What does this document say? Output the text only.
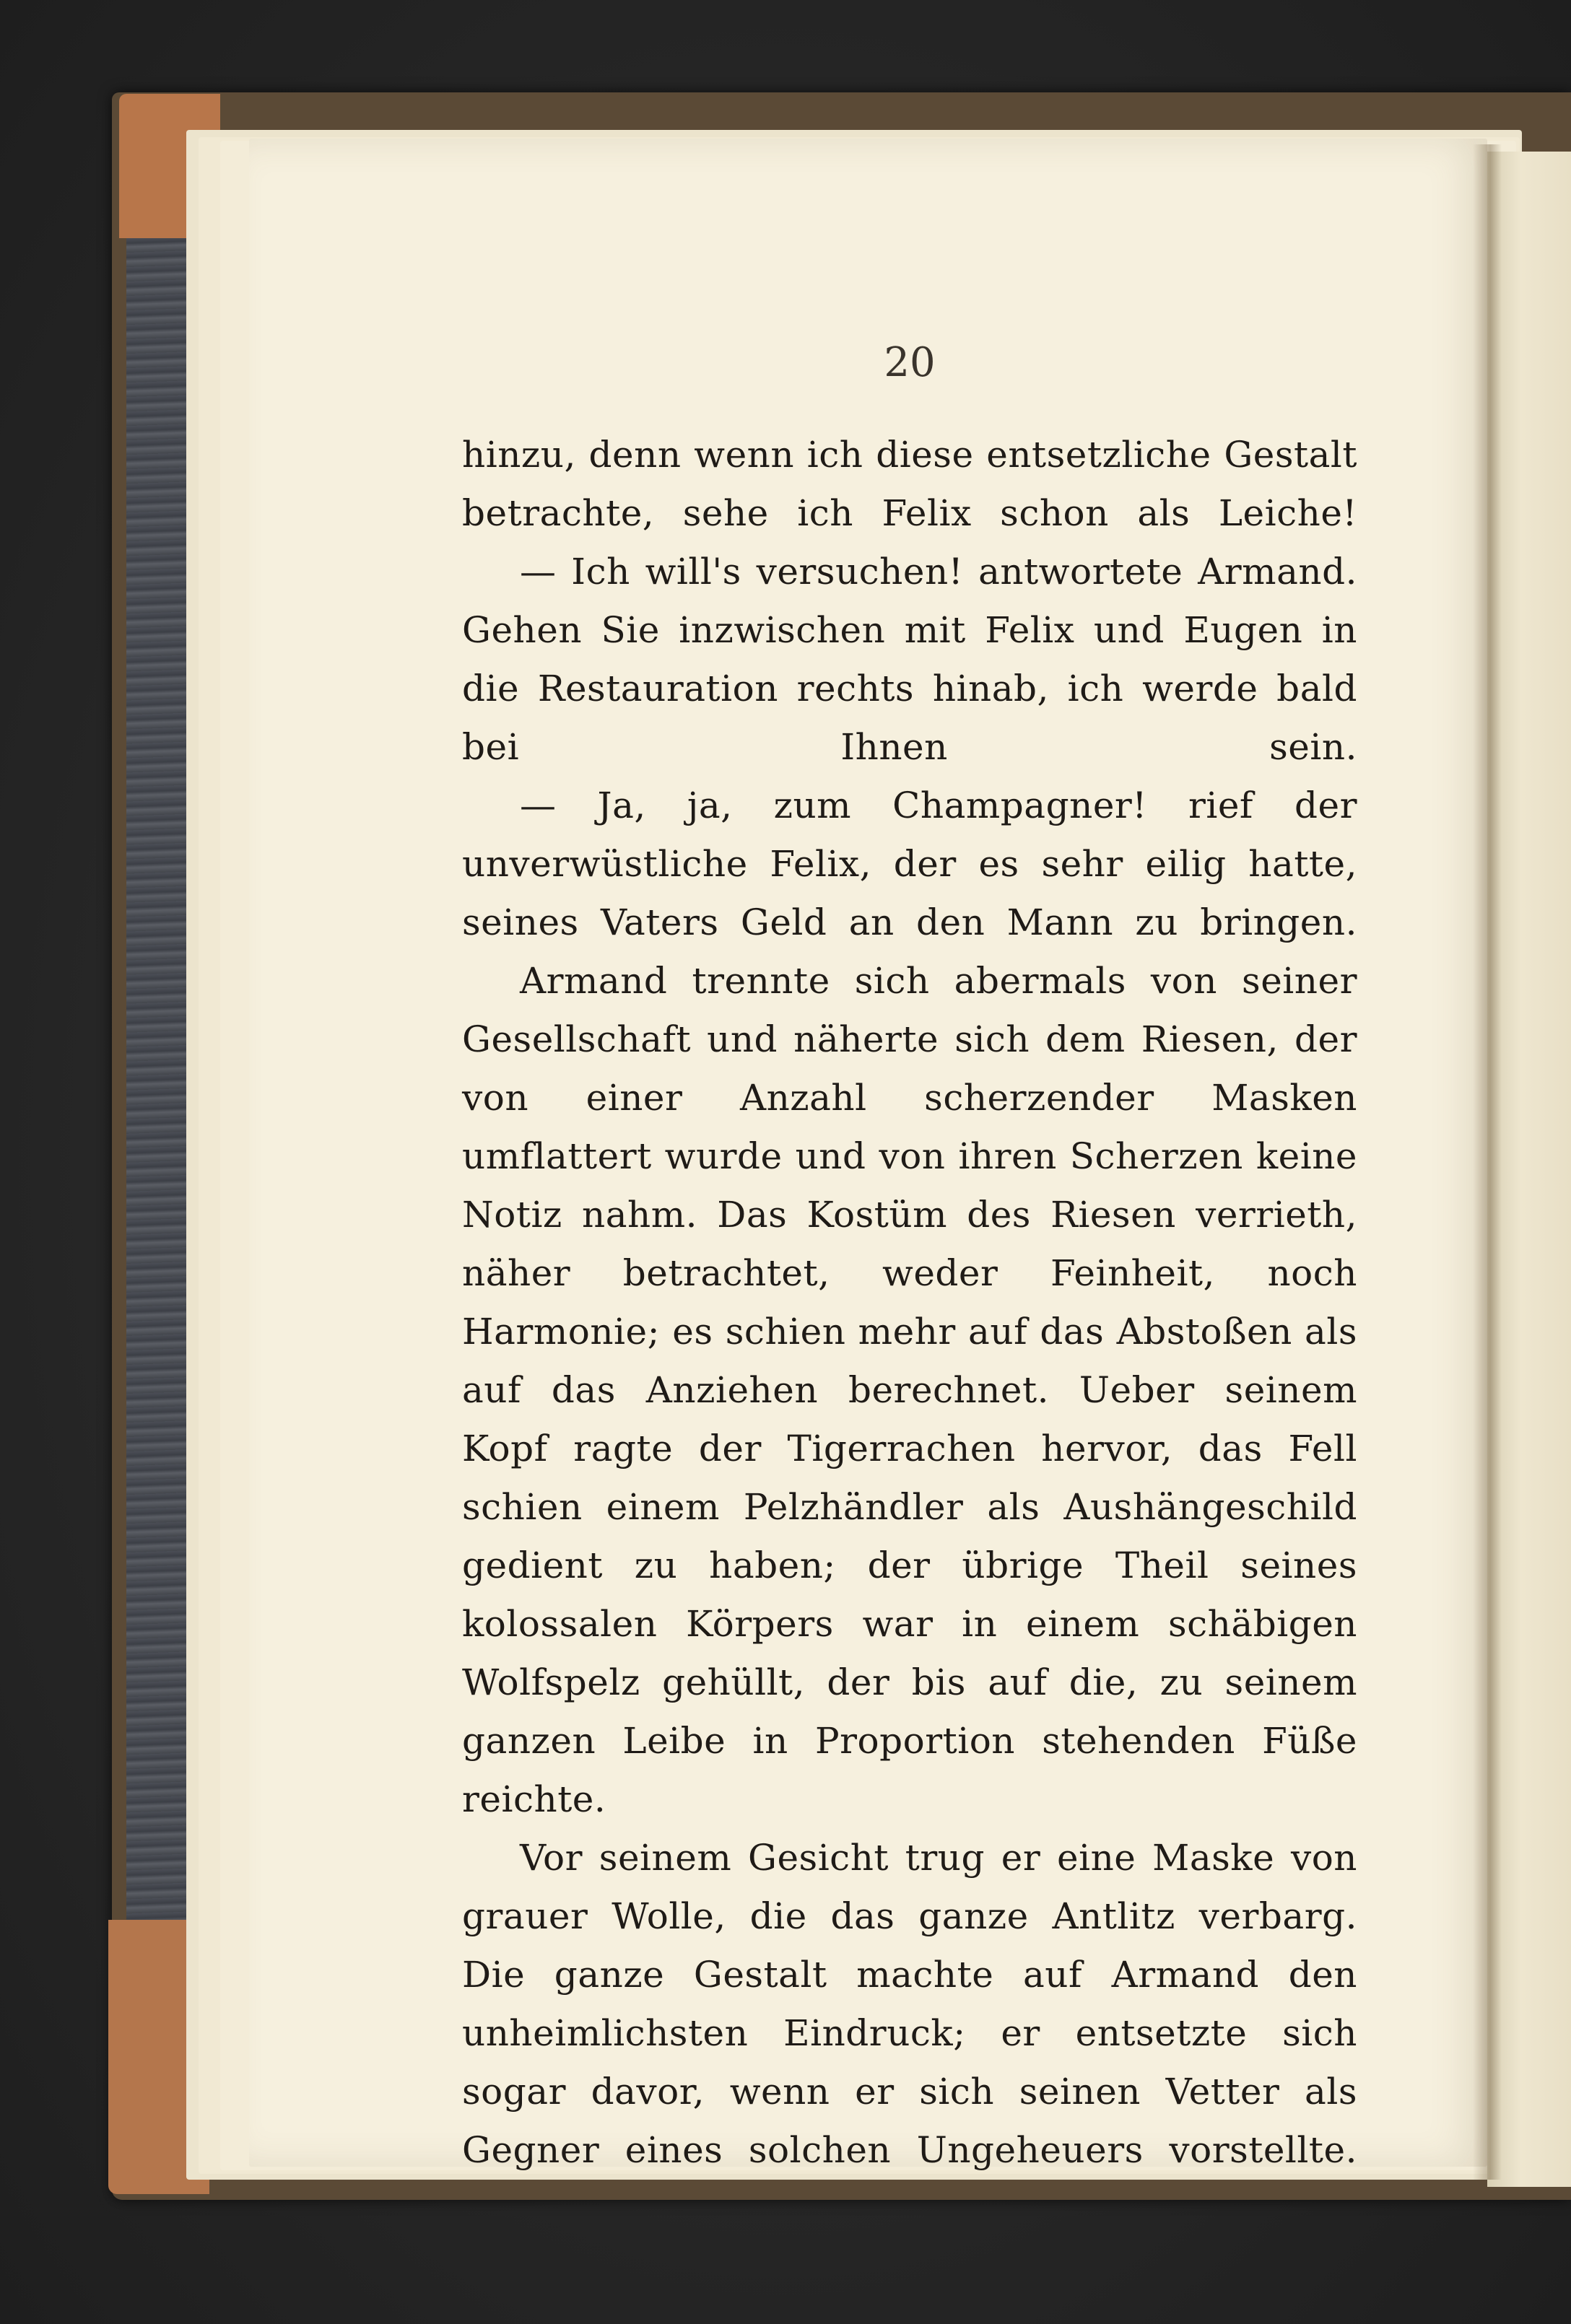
20

hinzu, denn wenn ich diese entsetzliche Gestalt betrachte, sehe ich Felix schon als Leiche!

— Ich will's versuchen! antwortete Armand. Gehen Sie inzwischen mit Felix und Eugen in die Restauration rechts hinab, ich werde bald bei Ihnen sein.

— Ja, ja, zum Champagner! rief der unverwüstliche Felix, der es sehr eilig hatte, seines Vaters Geld an den Mann zu bringen.

Armand trennte sich abermals von seiner Gesellschaft und näherte sich dem Riesen, der von einer Anzahl scherzender Masken umflattert wurde und von ihren Scherzen keine Notiz nahm. Das Kostüm des Riesen verrieth, näher betrachtet, weder Feinheit, noch Harmonie; es schien mehr auf das Abstoßen als auf das Anziehen berechnet. Ueber seinem Kopf ragte der Tigerrachen hervor, das Fell schien einem Pelzhändler als Aushängeschild gedient zu haben; der übrige Theil seines kolossalen Körpers war in einem schäbigen Wolfspelz gehüllt, der bis auf die, zu seinem ganzen Leibe in Proportion stehenden Füße reichte.

Vor seinem Gesicht trug er eine Maske von grauer Wolle, die das ganze Antlitz verbarg. Die ganze Gestalt machte auf Armand den unheimlichsten Eindruck; er entsetzte sich sogar davor, wenn er sich seinen Vetter als Gegner eines solchen Ungeheuers vorstellte.
